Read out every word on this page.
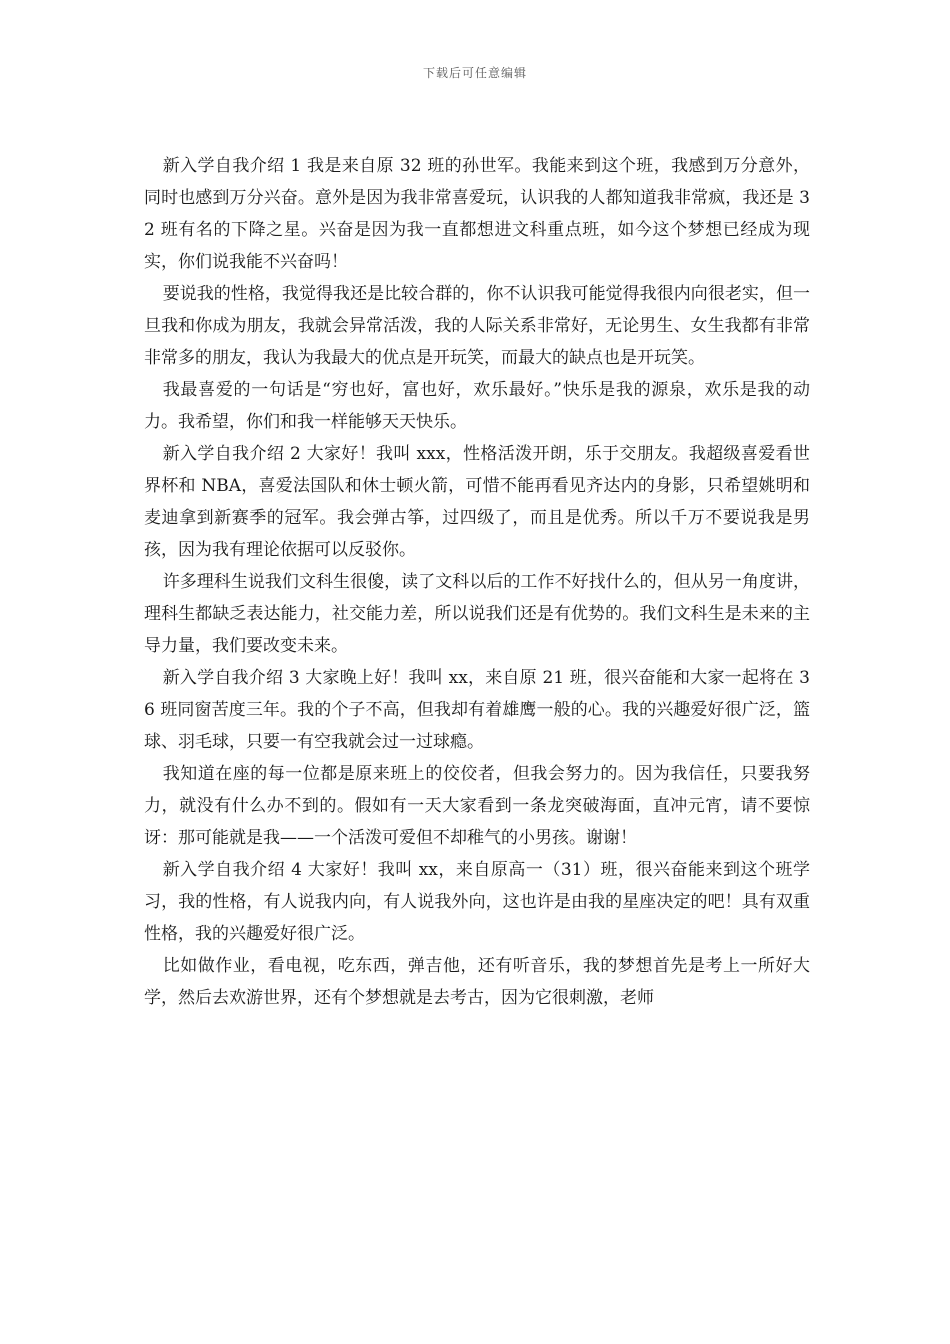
下载后可任意编辑

新入学自我介绍 1 我是来自原 32 班的孙世军。我能来到这个班，我感到万分意外，同时也感到万分兴奋。意外是因为我非常喜爱玩，认识我的人都知道我非常疯，我还是 32 班有名的下降之星。兴奋是因为我一直都想进文科重点班，如今这个梦想已经成为现实，你们说我能不兴奋吗！

要说我的性格，我觉得我还是比较合群的，你不认识我可能觉得我很内向很老实，但一旦我和你成为朋友，我就会异常活泼，我的人际关系非常好，无论男生、女生我都有非常非常多的朋友，我认为我最大的优点是开玩笑，而最大的缺点也是开玩笑。

我最喜爱的一句话是“穷也好，富也好，欢乐最好。”快乐是我的源泉，欢乐是我的动力。我希望，你们和我一样能够天天快乐。

新入学自我介绍 2 大家好！我叫 xxx，性格活泼开朗，乐于交朋友。我超级喜爱看世界杯和 NBA，喜爱法国队和休士顿火箭，可惜不能再看见齐达内的身影，只希望姚明和麦迪拿到新赛季的冠军。我会弹古筝，过四级了，而且是优秀。所以千万不要说我是男孩，因为我有理论依据可以反驳你。

许多理科生说我们文科生很傻，读了文科以后的工作不好找什么的，但从另一角度讲，理科生都缺乏表达能力，社交能力差，所以说我们还是有优势的。我们文科生是未来的主导力量，我们要改变未来。

新入学自我介绍 3 大家晚上好！我叫 xx，来自原 21 班，很兴奋能和大家一起将在 36 班同窗苦度三年。我的个子不高，但我却有着雄鹰一般的心。我的兴趣爱好很广泛，篮球、羽毛球，只要一有空我就会过一过球瘾。

我知道在座的每一位都是原来班上的佼佼者，但我会努力的。因为我信任，只要我努力，就没有什么办不到的。假如有一天大家看到一条龙突破海面，直冲元宵，请不要惊讶：那可能就是我——一个活泼可爱但不却稚气的小男孩。谢谢！

新入学自我介绍 4 大家好！我叫 xx，来自原高一（31）班，很兴奋能来到这个班学习，我的性格，有人说我内向，有人说我外向，这也许是由我的星座决定的吧！具有双重性格，我的兴趣爱好很广泛。

比如做作业，看电视，吃东西，弹吉他，还有听音乐，我的梦想首先是考上一所好大学，然后去欢游世界，还有个梦想就是去考古，因为它很刺激，老师
